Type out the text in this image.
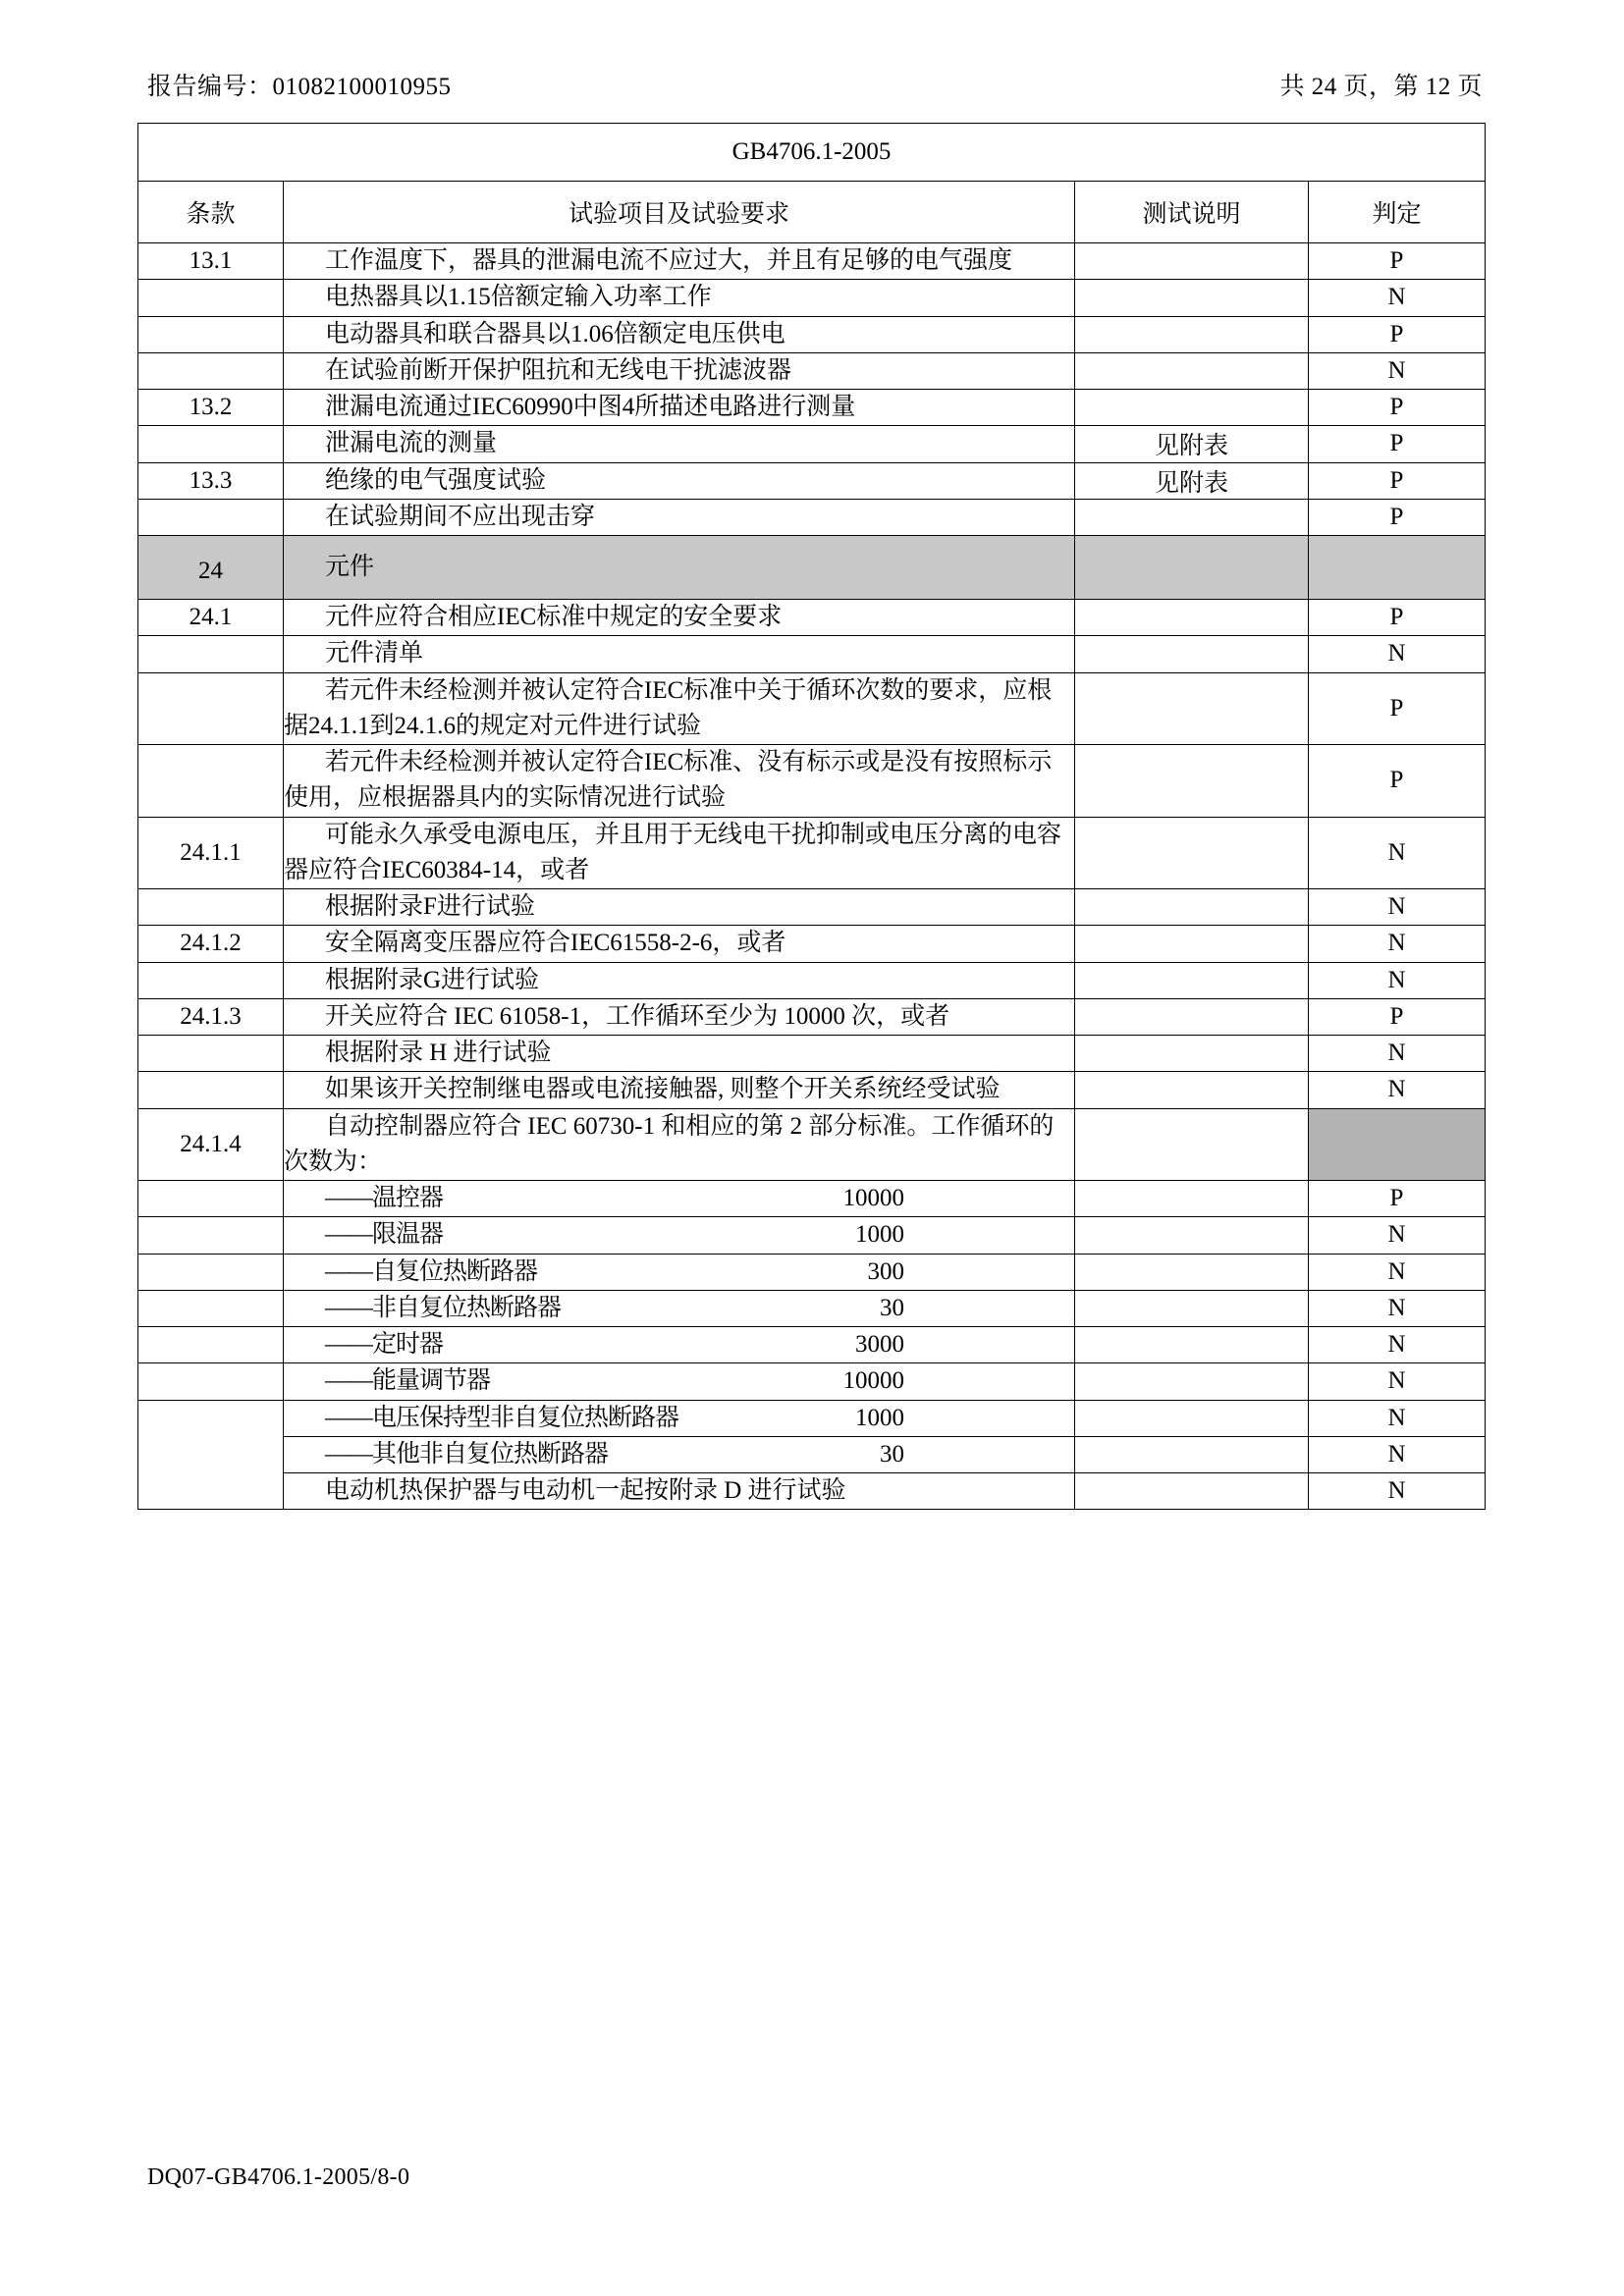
报告编号：01082100010955	共 24 页，第 12 页
GB4706.1-2005			
条款	试验项目及试验要求	测试说明	判定
13.1	工作温度下，器具的泄漏电流不应过大，并且有足够的电气强度		P
	电热器具以1.15倍额定输入功率工作		N
	电动器具和联合器具以1.06倍额定电压供电		P
	在试验前断开保护阻抗和无线电干扰滤波器		N
13.2	泄漏电流通过IEC60990中图4所描述电路进行测量		P
	泄漏电流的测量	见附表	P
13.3	绝缘的电气强度试验	见附表	P
	在试验期间不应出现击穿		P
24	元件		
24.1	元件应符合相应IEC标准中规定的安全要求		P
	元件清单		N
	若元件未经检测并被认定符合IEC标准中关于循环次数的要求，应根据24.1.1到24.1.6的规定对元件进行试验		P
	若元件未经检测并被认定符合IEC标准、没有标示或是没有按照标示使用，应根据器具内的实际情况进行试验		P
24.1.1	可能永久承受电源电压，并且用于无线电干扰抑制或电压分离的电容器应符合IEC60384-14，或者		N
	根据附录F进行试验		N
24.1.2	安全隔离变压器应符合IEC61558-2-6，或者		N
	根据附录G进行试验		N
24.1.3	开关应符合 IEC 61058-1，工作循环至少为 10000 次，或者		P
	根据附录 H 进行试验		N
	如果该开关控制继电器或电流接触器, 则整个开关系统经受试验		N
24.1.4	自动控制器应符合 IEC 60730-1 和相应的第 2 部分标准。工作循环的次数为：		

	——温控器 10000		P

	——限温器 1000		N

	——自复位热断路器 300		N

	——非自复位热断路器 30		N

	——定时器 3000		N

	——能量调节器 10000		N

	——电压保持型非自复位热断路器 1000		N

	——其他非自复位热断路器 30		N
	电动机热保护器与电动机一起按附录 D 进行试验		N
DQ07-GB4706.1-2005/8-0
